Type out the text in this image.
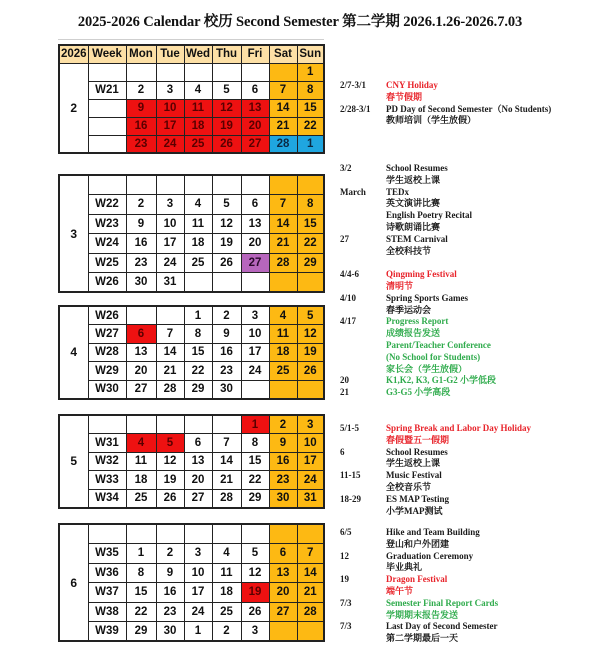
2025-2026 Calendar 校历 Second Semester 第二学期 2026.1.26-2026.7.03
2026	Week	Mon	Tue	Wed	Thu	Fri	Sat	Sun
2								1
	W21	2	3	4	5	6	7	8
		9	10	11	12	13	14	15
		16	17	18	19	20	21	22
		23	24	25	26	27	28	1
3								
	W22	2	3	4	5	6	7	8
	W23	9	10	11	12	13	14	15
	W24	16	17	18	19	20	21	22
	W25	23	24	25	26	27	28	29
	W26	30	31					
4	W26			1	2	3	4	5
	W27	6	7	8	9	10	11	12
	W28	13	14	15	16	17	18	19
	W29	20	21	22	23	24	25	26
	W30	27	28	29	30			
5						1	2	3
	W31	4	5	6	7	8	9	10
	W32	11	12	13	14	15	16	17
	W33	18	19	20	21	22	23	24
	W34	25	26	27	28	29	30	31
6								
	W35	1	2	3	4	5	6	7
	W36	8	9	10	11	12	13	14
	W37	15	16	17	18	19	20	21
	W38	22	23	24	25	26	27	28
	W39	29	30	1	2	3		
2/7-3/1	CNY Holiday
春节假期
2/28-3/1	PD Day of Second Semester（No Students)
教师培训（学生放假）
3/2	School Resumes
学生返校上课
March	TEDx
英文演讲比赛
English Poetry Recital
诗歌朗诵比赛
27	STEM Carnival
全校科技节
4/4-6	Qingming Festival
清明节
4/10	Spring Sports Games
春季运动会
4/17	Progress Report
成绩报告发送
Parent/Teacher Conference
(No School for Students)
家长会（学生放假）
20	K1,K2, K3, G1-G2 小学低段
21	G3-G5 小学高段
5/1-5	Spring Break and Labor Day Holiday
春假暨五一假期
6	School Resumes
学生返校上课
11-15	Music Festival
全校音乐节
18-29	ES MAP Testing
小学MAP测试
6/5	Hike and Team Building
登山和户外团建
12	Graduation Ceremony
毕业典礼
19	Dragon Festival
端午节
7/3	Semester Final Report Cards
学期期末报告发送
7/3	Last Day of Second Semester
第二学期最后一天
